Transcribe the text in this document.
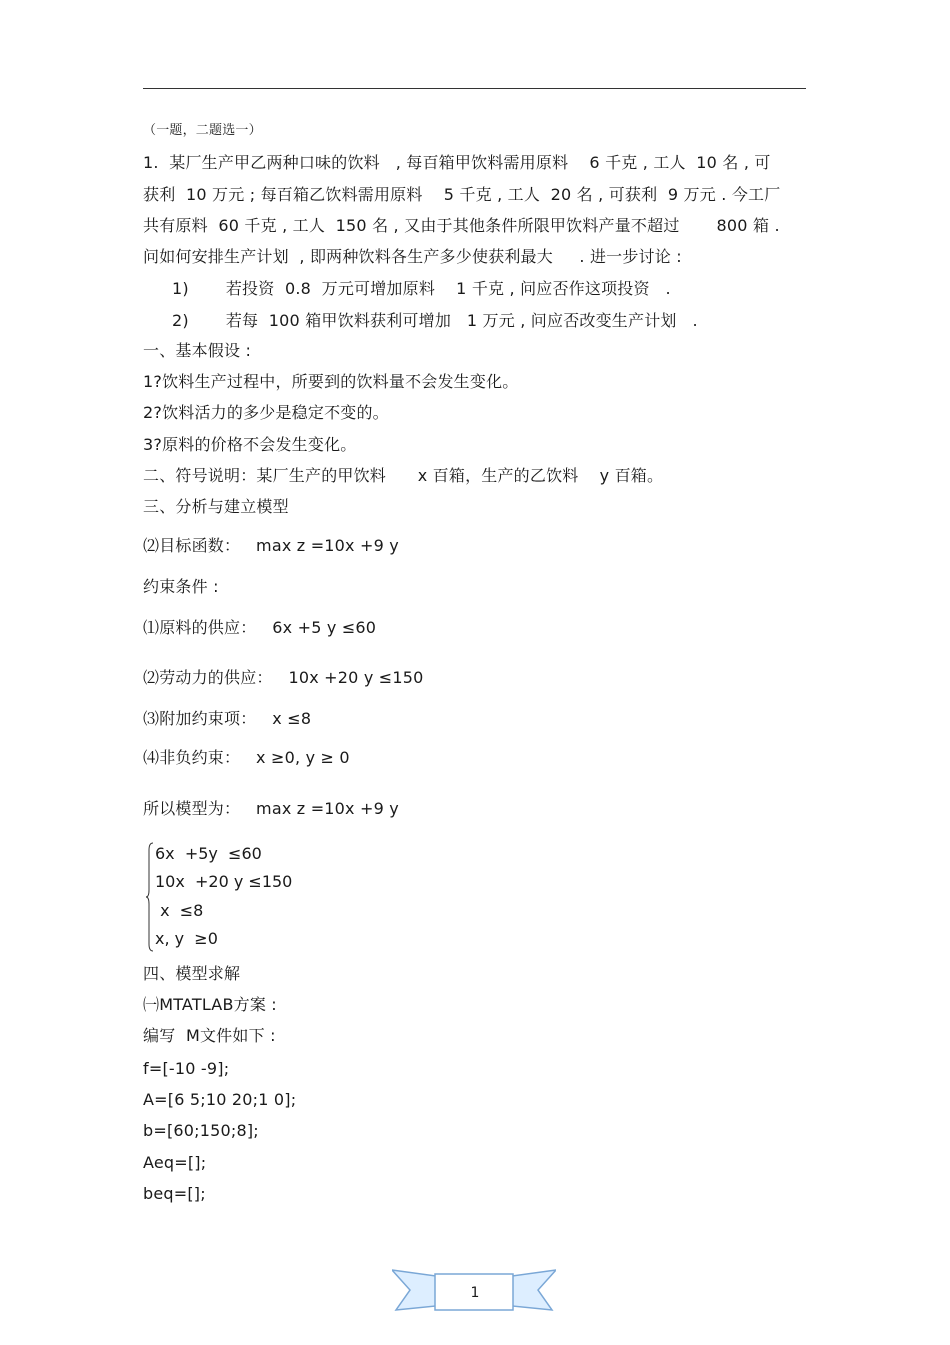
（一题，二题选一）
1.  某厂生产甲乙两种口味的饮料   , 每百箱甲饮料需用原料    6 千克 , 工人  10 名 , 可
获利  10 万元 ; 每百箱乙饮料需用原料    5 千克 , 工人  20 名 , 可获利  9 万元 . 今工厂
共有原料  60 千克 , 工人  150 名 , 又由于其他条件所限甲饮料产量不超过       800 箱 .
问如何安排生产计划  , 即两种饮料各生产多少使获利最大     . 进一步讨论 :
1)       若投资  0.8  万元可增加原料    1 千克 , 问应否作这项投资   .
2)       若每  100 箱甲饮料获利可增加   1 万元 , 问应否改变生产计划   .
一、基本假设 :
1?饮料生产过程中，所要到的饮料量不会发生变化。
2?饮料活力的多少是稳定不变的。
3?原料的价格不会发生变化。
二、符号说明：某厂生产的甲饮料      x 百箱，生产的乙饮料    y 百箱。
三、分析与建立模型
⑵目标函数：   max z =10x +9 y
约束条件 :
⑴原料的供应：   6x +5 y ≤60
⑵劳动力的供应：   10x +20 y ≤150
⑶附加约束项：   x ≤8
⑷非负约束：   x ≥0, y ≥ 0
所以模型为：   max z =10x +9 y
6x  +5y  ≤60
10x  +20 y ≤150
x  ≤8
x, y  ≥0
四、模型求解
㈠MTATLAB方案 :
编写  M文件如下 :
f=[-10 -9];
A=[6 5;10 20;1 0];
b=[60;150;8];
Aeq=[];
beq=[];
1
